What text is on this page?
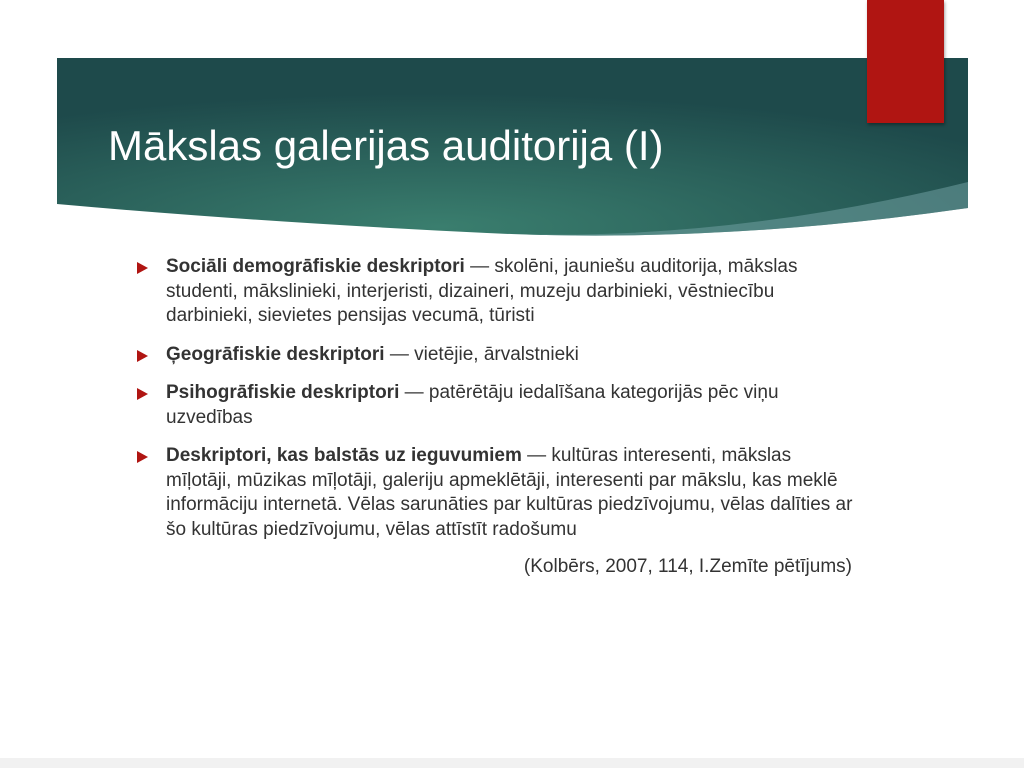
Mākslas galerijas auditorija (I)
Sociāli demogrāfiskie deskriptori — skolēni, jauniešu auditorija, mākslas studenti, mākslinieki, interjeristi, dizaineri, muzeju darbinieki, vēstniecību darbinieki, sievietes pensijas vecumā, tūristi
Ģeogrāfiskie deskriptori — vietējie, ārvalstnieki
Psihogrāfiskie deskriptori — patērētāju iedalīšana kategorijās pēc viņu uzvedības
Deskriptori, kas balstās uz ieguvumiem — kultūras interesenti, mākslas mīļotāji, mūzikas mīļotāji, galeriju apmeklētāji, interesenti par mākslu, kas meklē informāciju internetā. Vēlas sarunāties par kultūras piedzīvojumu, vēlas dalīties ar šo kultūras piedzīvojumu, vēlas attīstīt radošumu

(Kolbērs, 2007, 114, I.Zemīte pētījums)
